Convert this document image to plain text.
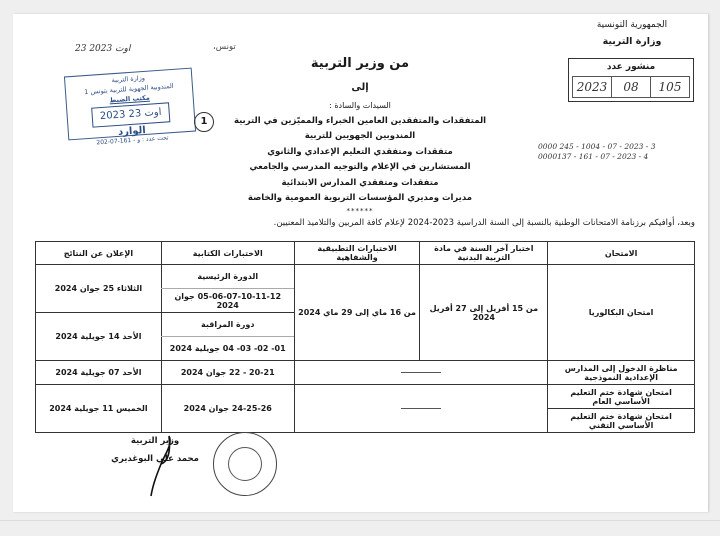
الجمهورية التونسية
وزارة التربية
منشور عدد
2023	08	105
0000 245 - 1004 - 07 - 2023 - 3
0000137 - 161 - 07 - 2023 - 4
تونس،
23 اوت 2023
وزارة التربية
المندوبية الجهوية للتربية بتونس 1
مكتب الضبط
2023 اوت 23
الوارد
تحت عدد : و - 161-07-202
1
من وزير التربية
إلى
السيدات والسادة :
المتفقدات والمتفقدين العامين الخبراء والمميّزين في التربية
المندوبين الجهويين للتربية
متفقدات ومتفقدي التعليم الإعدادي والثانوي
المستشارين في الإعلام والتوجيه المدرسي والجامعي
متفقدات ومتفقدي المدارس الابتدائية
مديرات ومديري المؤسسات التربوية العمومية والخاصة
******
وبعد، أوافيكم برزنامة الامتحانات الوطنية بالنسبة إلى السنة الدراسية 2023-2024 لإعلام كافة المربين والتلاميذ المعنيين.
الامتحان	اختبار آخر السنة في مادة التربية البدنية	الاختبارات التطبيقية والشفاهية	الاختبارات الكتابية	الإعلان عن النتائج
امتحان البكالوريا	من 15 أفريل إلى 27 أفريل 2024	من 16 ماي إلى 29 ماي 2024	الدورة الرئيسية	الثلاثاء 25 جوان 2024
			05-06-07-10-11-12 جوان 2024	
			دورة المراقبة	الأحد 14 جويلية 2024
			01- 02- 03- 04 جويلية 2024	
مناظرة الدخول إلى المدارس الإعدادية النموذجية			20-21 - 22 جوان 2024	الأحد 07 جويلية 2024
امتحان شهادة ختم التعليم الأساسي العام			24-25-26 جوان 2024	الخميس 11 جويلية 2024
امتحان شهادة ختم التعليم الأساسي التقني				
وزير التربية
محمد علي البوغديري
